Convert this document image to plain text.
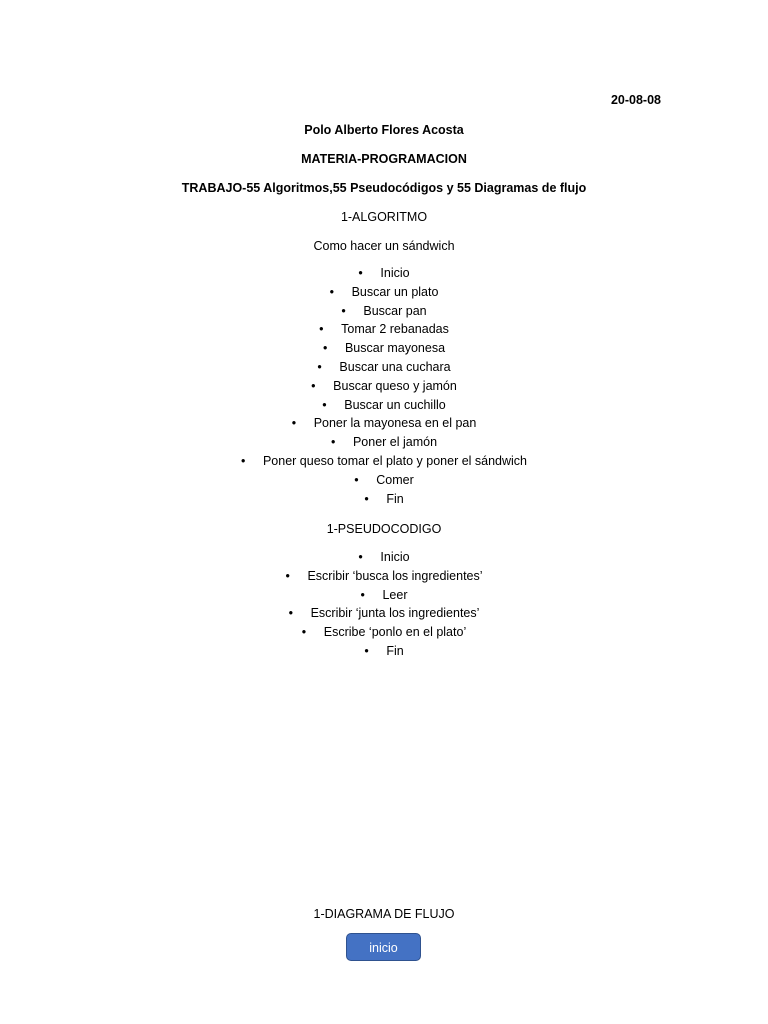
20-08-08
Polo Alberto Flores Acosta
MATERIA-PROGRAMACION
TRABAJO-55 Algoritmos,55 Pseudocódigos y 55 Diagramas de flujo
1-ALGORITMO
Como hacer un sándwich
• Inicio
• Buscar un plato
• Buscar pan
• Tomar 2 rebanadas
• Buscar mayonesa
• Buscar una cuchara
• Buscar queso y jamón
• Buscar un cuchillo
• Poner la mayonesa en el pan
• Poner el jamón
• Poner queso tomar el plato y poner el sándwich
• Comer
• Fin
1-PSEUDOCODIGO
• Inicio
• Escribir ‘busca los ingredientes’
• Leer
• Escribir ‘junta los ingredientes’
• Escribe ‘ponlo en el plato’
• Fin
1-DIAGRAMA DE FLUJO
inicio
